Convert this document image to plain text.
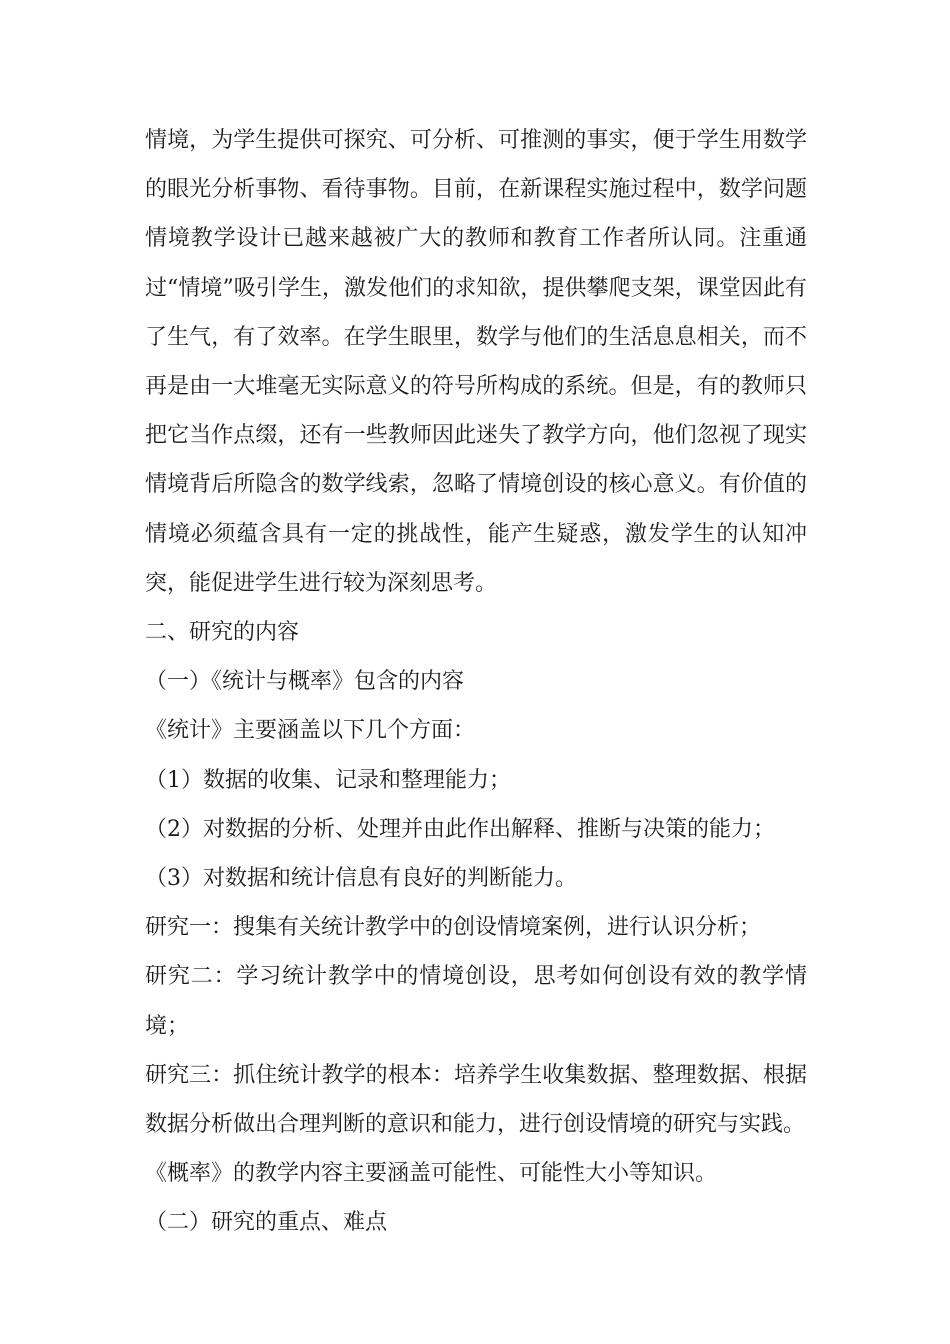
情境，为学生提供可探究、可分析、可推测的事实，便于学生用数学的眼光分析事物、看待事物。目前，在新课程实施过程中，数学问题情境教学设计已越来越被广大的教师和教育工作者所认同。注重通过“情境”吸引学生，激发他们的求知欲，提供攀爬支架，课堂因此有了生气，有了效率。在学生眼里，数学与他们的生活息息相关，而不再是由一大堆毫无实际意义的符号所构成的系统。但是，有的教师只把它当作点缀，还有一些教师因此迷失了教学方向，他们忽视了现实情境背后所隐含的数学线索，忽略了情境创设的核心意义。有价值的情境必须蕴含具有一定的挑战性，能产生疑惑，激发学生的认知冲突，能促进学生进行较为深刻思考。

二、研究的内容

（一）《统计与概率》包含的内容

《统计》主要涵盖以下几个方面：

（1）数据的收集、记录和整理能力；

（2）对数据的分析、处理并由此作出解释、推断与决策的能力；

（3）对数据和统计信息有良好的判断能力。

研究一：搜集有关统计教学中的创设情境案例，进行认识分析；

研究二：学习统计教学中的情境创设，思考如何创设有效的教学情境；

研究三：抓住统计教学的根本：培养学生收集数据、整理数据、根据数据分析做出合理判断的意识和能力，进行创设情境的研究与实践。

《概率》的教学内容主要涵盖可能性、可能性大小等知识。

（二）研究的重点、难点
